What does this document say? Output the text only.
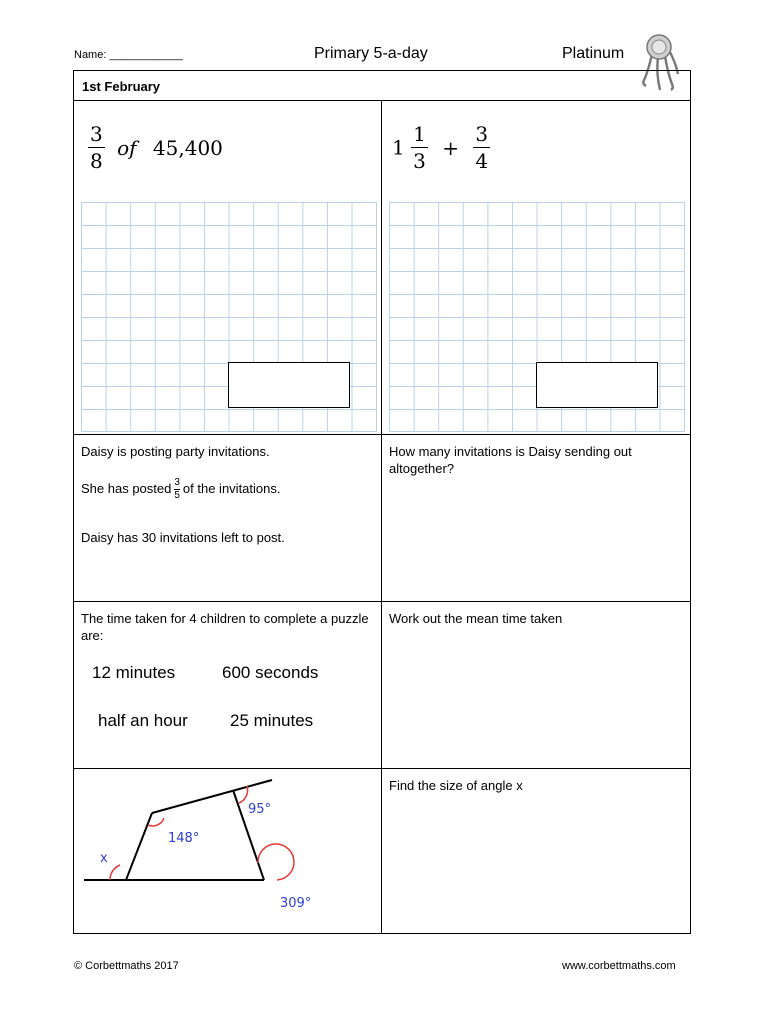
Name: ____________	Primary 5-a-day	Platinum
1st February
$\frac{3}{8}$ of 45,400	$1 \frac{1}{3} + \frac{3}{4}$
Daisy is posting party invitations.
She has posted $\frac{3}{5}$ of the invitations.
Daisy has 30 invitations left to post.
How many invitations is Daisy sending out altogether?
The time taken for 4 children to complete a puzzle are:
12 minutes	600 seconds
half an hour 25 minutes
Work out the mean time taken
x
148°
95°
309°
Find the size of angle x
© Corbettmaths 2017	www.corbettmaths.com
